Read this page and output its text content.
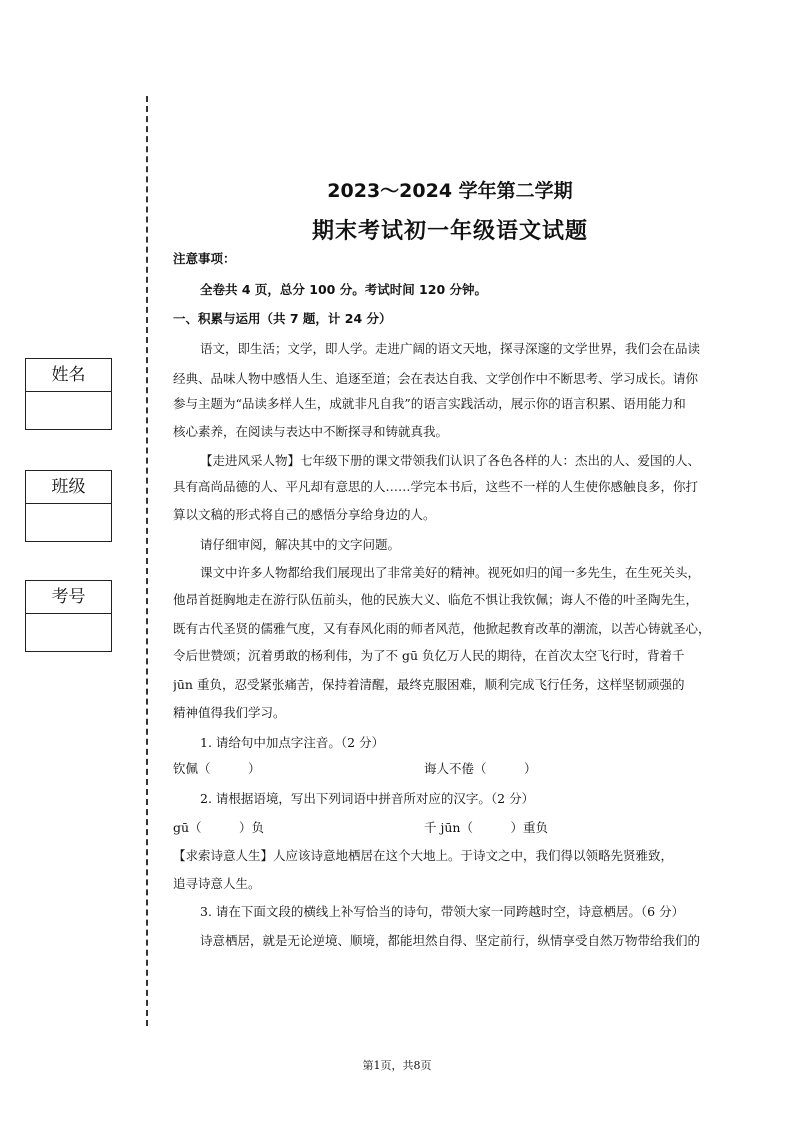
姓名
班级
考号
2023～2024 学年第二学期
期末考试初一年级语文试题
注意事项：
全卷共 4 页，总分 100 分。考试时间 120 分钟。
一、积累与运用（共 7 题，计 24 分）
语文，即生活；文学，即人学。走进广阔的语文天地，探寻深邃的文学世界，我们会在品读
经典、品味人物中感悟人生、追逐至道；会在表达自我、文学创作中不断思考、学习成长。请你
参与主题为“品读多样人生，成就非凡自我”的语言实践活动，展示你的语言积累、语用能力和
核心素养，在阅读与表达中不断探寻和铸就真我。
【走进风采人物】七年级下册的课文带领我们认识了各色各样的人：杰出的人、爱国的人、
具有高尚品德的人、平凡却有意思的人……学完本书后，这些不一样的人生使你感触良多，你打
算以文稿的形式将自己的感悟分享给身边的人。
请仔细审阅，解决其中的文字问题。
课文中许多人物都给我们展现出了非常美好的精神。视死如归的闻一多先生，在生死关头，
他昂首挺胸地走在游行队伍前头，他的民族大义、临危不惧让我钦佩；诲人不倦的叶圣陶先生，
既有古代圣贤的儒雅气度，又有春风化雨的师者风范，他掀起教育改革的潮流，以苦心铸就圣心，
令后世赞颂；沉着勇敢的杨利伟，为了不 gū 负亿万人民的期待，在首次太空飞行时，背着千
jūn 重负，忍受紧张痛苦，保持着清醒，最终克服困难，顺利完成飞行任务，这样坚韧顽强的
精神值得我们学习。
1. 请给句中加点字注音。（2 分）
钦佩（　　　）	诲人不倦（　　　）
2. 请根据语境，写出下列词语中拼音所对应的汉字。（2 分）
gū（　　　）负	千 jūn（　　　）重负
【求索诗意人生】人应该诗意地栖居在这个大地上。于诗文之中，我们得以领略先贤雅致，
追寻诗意人生。
3. 请在下面文段的横线上补写恰当的诗句，带领大家一同跨越时空，诗意栖居。（6 分）
诗意栖居，就是无论逆境、顺境，都能坦然自得、坚定前行，纵情享受自然万物带给我们的
第1页，共8页
